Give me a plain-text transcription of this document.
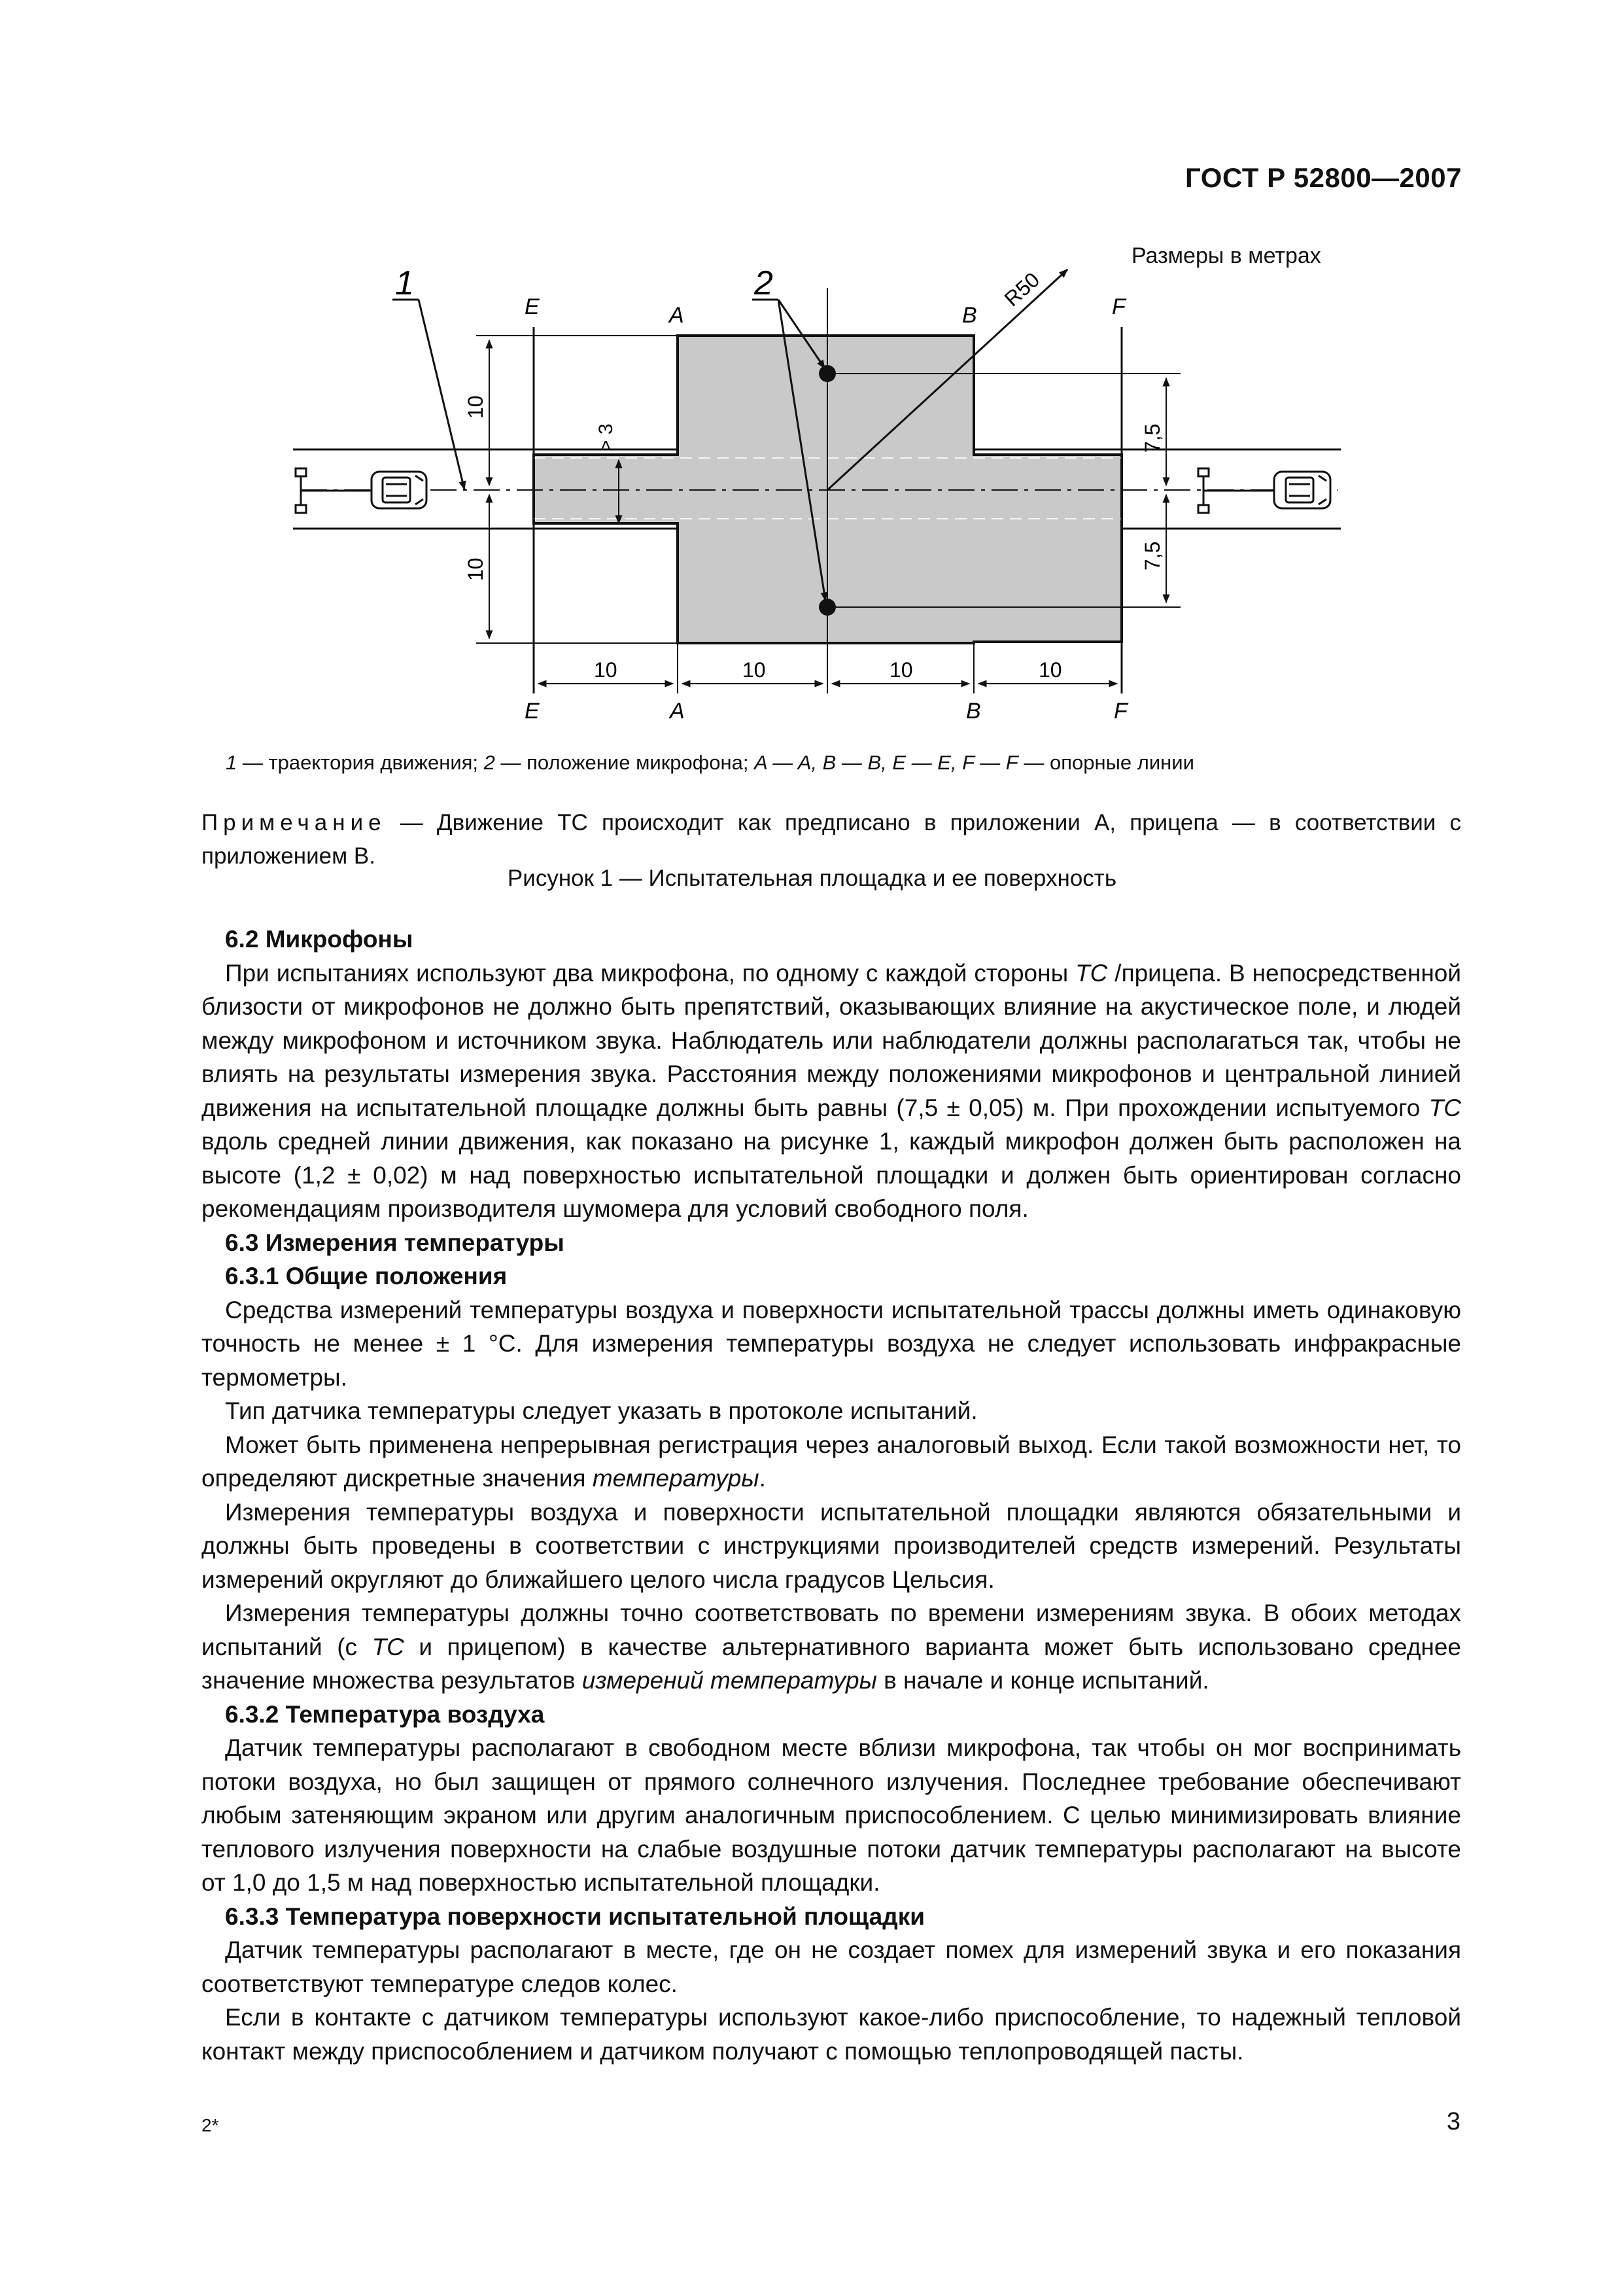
ГОСТ Р 52800—2007
R50
1	2
E	A	B	F
E	A	B	F
10
10
> 3	7,5
7,5
10	10	10	10
Размеры в метрах
1 — траектория движения; 2 — положение микрофона; A — A, B — B, E — E, F — F — опорные линии
Примечание — Движение ТС происходит как предписано в приложении А, прицепа — в соответствии с приложением В.
Рисунок 1 — Испытательная площадка и ее поверхность
6.2 Микрофоны

При испытаниях используют два микрофона, по одному с каждой стороны ТС /прицепа. В непосредственной близости от микрофонов не должно быть препятствий, оказывающих влияние на акустическое поле, и людей между микрофоном и источником звука. Наблюдатель или наблюдатели должны располагаться так, чтобы не влиять на результаты измерения звука. Расстояния между положениями микрофонов и центральной линией движения на испытательной площадке должны быть равны (7,5 ± 0,05) м. При прохождении испытуемого ТС вдоль средней линии движения, как показано на рисунке 1, каждый микрофон должен быть расположен на высоте (1,2 ± 0,02) м над поверхностью испытательной площадки и должен быть ориентирован согласно рекомендациям производителя шумомера для условий свободного поля.

6.3 Измерения температуры
6.3.1 Общие положения

Средства измерений температуры воздуха и поверхности испытательной трассы должны иметь одинаковую точность не менее ± 1 °С. Для измерения температуры воздуха не следует использовать инфракрасные термометры.

Тип датчика температуры следует указать в протоколе испытаний.

Может быть применена непрерывная регистрация через аналоговый выход. Если такой возможности нет, то определяют дискретные значения температуры.

Измерения температуры воздуха и поверхности испытательной площадки являются обязательными и должны быть проведены в соответствии с инструкциями производителей средств измерений. Результаты измерений округляют до ближайшего целого числа градусов Цельсия.

Измерения температуры должны точно соответствовать по времени измерениям звука. В обоих методах испытаний (с ТС и прицепом) в качестве альтернативного варианта может быть использовано среднее значение множества результатов измерений температуры в начале и конце испытаний.

6.3.2 Температура воздуха

Датчик температуры располагают в свободном месте вблизи микрофона, так чтобы он мог воспринимать потоки воздуха, но был защищен от прямого солнечного излучения. Последнее требование обеспечивают любым затеняющим экраном или другим аналогичным приспособлением. С целью минимизировать влияние теплового излучения поверхности на слабые воздушные потоки датчик температуры располагают на высоте от 1,0 до 1,5 м над поверхностью испытательной площадки.

6.3.3 Температура поверхности испытательной площадки

Датчик температуры располагают в месте, где он не создает помех для измерений звука и его показания соответствуют температуре следов колес.

Если в контакте с датчиком температуры используют какое-либо приспособление, то надежный тепловой контакт между приспособлением и датчиком получают с помощью теплопроводящей пасты.

2*	3
